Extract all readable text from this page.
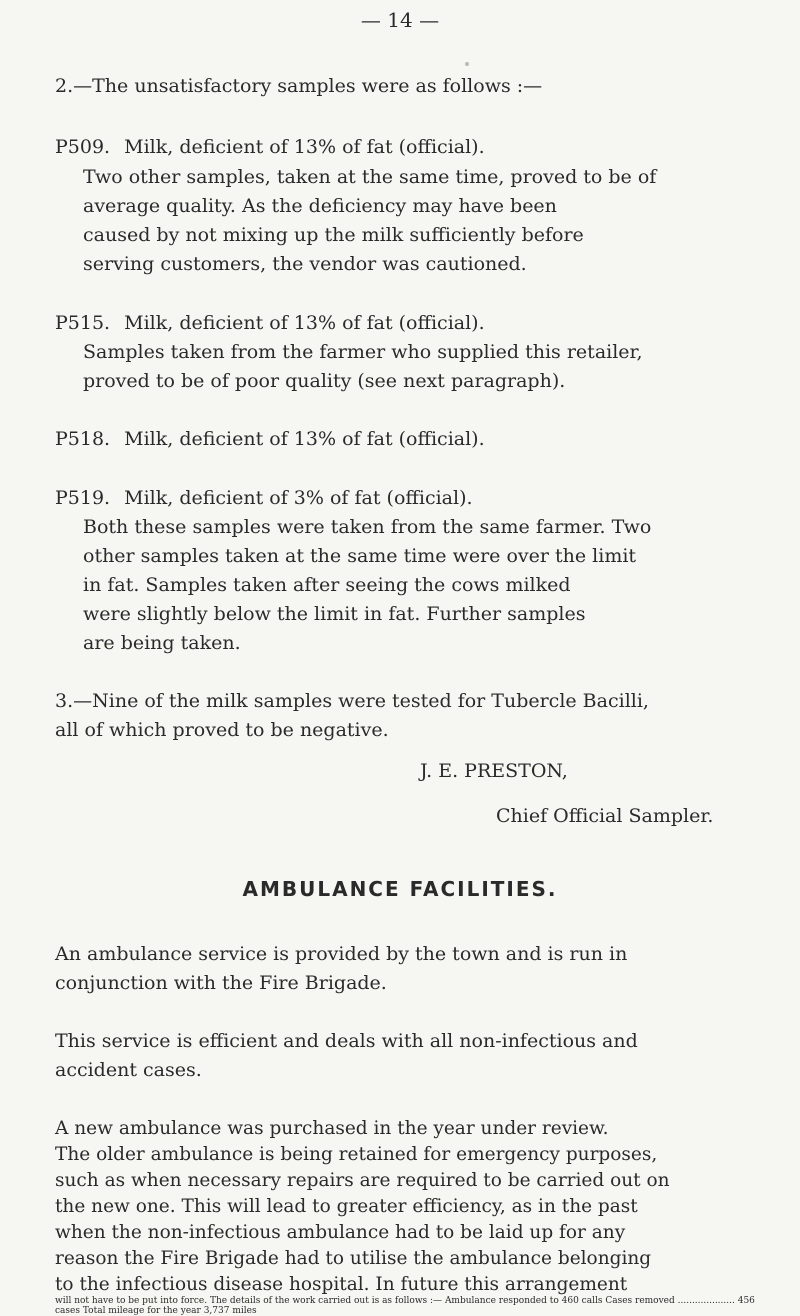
— 14 —
2.—The unsatisfactory samples were as follows :—
P509. Milk, deficient of 13% of fat (official).
Two other samples, taken at the same time, proved to be of
average quality. As the deficiency may have been
caused by not mixing up the milk sufficiently before
serving customers, the vendor was cautioned.
P515. Milk, deficient of 13% of fat (official).
Samples taken from the farmer who supplied this retailer,
proved to be of poor quality (see next paragraph).
P518. Milk, deficient of 13% of fat (official).
P519. Milk, deficient of 3% of fat (official).
Both these samples were taken from the same farmer. Two
other samples taken at the same time were over the limit
in fat. Samples taken after seeing the cows milked
were slightly below the limit in fat. Further samples
are being taken.
3.—Nine of the milk samples were tested for Tubercle Bacilli,
all of which proved to be negative.
J. E. PRESTON,
Chief Official Sampler.
AMBULANCE FACILITIES.
An ambulance service is provided by the town and is run in
conjunction with the Fire Brigade.
This service is efficient and deals with all non-infectious and
accident cases.
A new ambulance was purchased in the year under review.
The older ambulance is being retained for emergency purposes,
such as when necessary repairs are required to be carried out on
the new one. This will lead to greater efficiency, as in the past
when the non-infectious ambulance had to be laid up for any
reason the Fire Brigade had to utilise the ambulance belonging
to the infectious disease hospital. In future this arrangement
will not have to be put into force. The details of the work carried out is as follows :— Ambulance responded to 460 calls Cases removed .................... 456 cases Total mileage for the year 3,737 miles
